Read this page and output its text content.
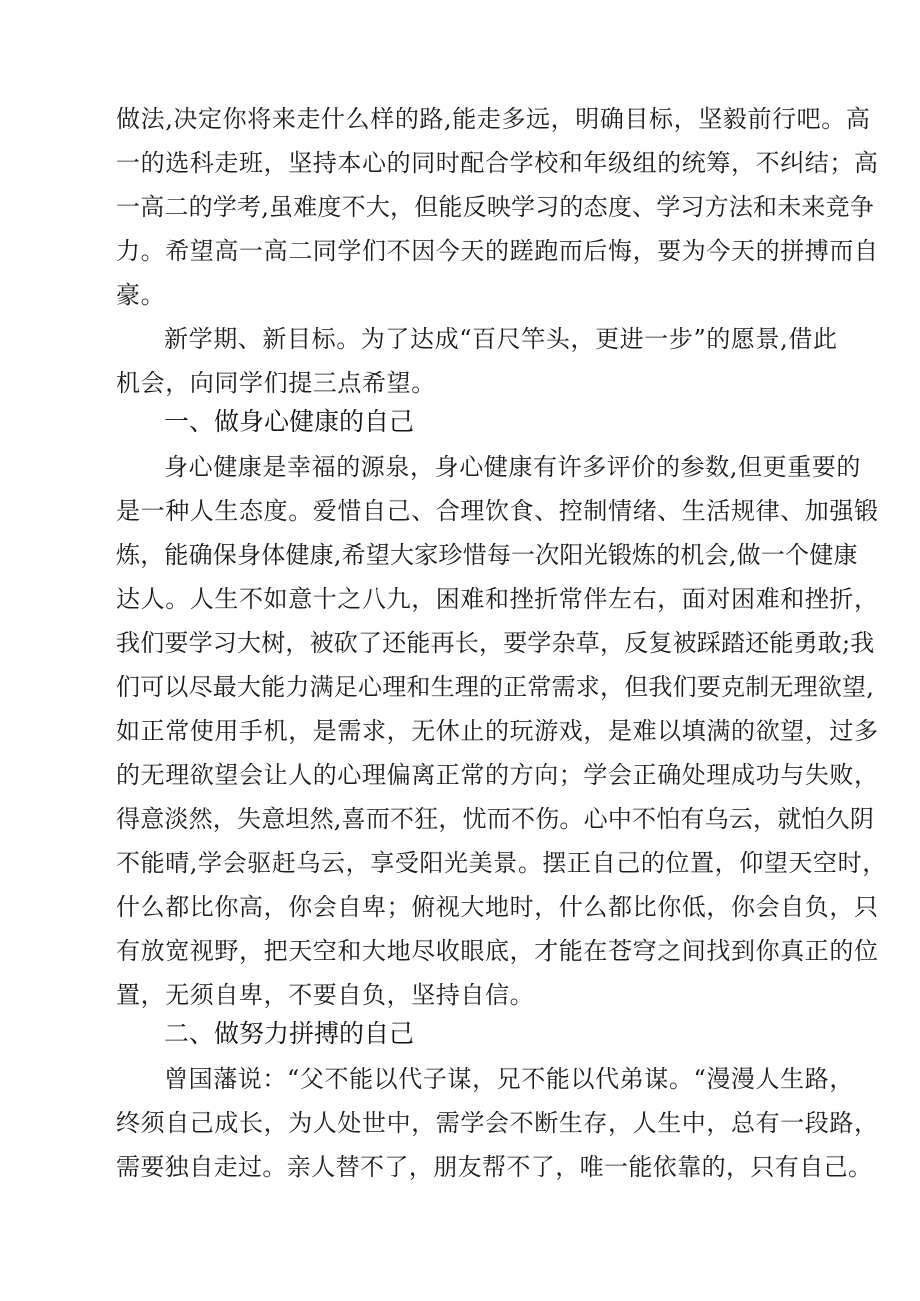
做法,决定你将来走什么样的路,能走多远，明确目标，坚毅前行吧。高
一的选科走班，坚持本心的同时配合学校和年级组的统筹，不纠结；高
一高二的学考,虽难度不大，但能反映学习的态度、学习方法和未来竞争
力。希望高一高二同学们不因今天的蹉跑而后悔，要为今天的拼搏而自
豪。
新学期、新目标。为了达成“百尺竿头，更进一步”的愿景,借此
机会，向同学们提三点希望。
一、做身心健康的自己
身心健康是幸福的源泉，身心健康有许多评价的参数,但更重要的
是一种人生态度。爱惜自己、合理饮食、控制情绪、生活规律、加强锻
炼，能确保身体健康,希望大家珍惜每一次阳光锻炼的机会,做一个健康
达人。人生不如意十之八九，困难和挫折常伴左右，面对困难和挫折，
我们要学习大树，被砍了还能再长，要学杂草，反复被踩踏还能勇敢;我
们可以尽最大能力满足心理和生理的正常需求，但我们要克制无理欲望,
如正常使用手机，是需求，无休止的玩游戏，是难以填满的欲望，过多
的无理欲望会让人的心理偏离正常的方向；学会正确处理成功与失败，
得意淡然，失意坦然,喜而不狂，忧而不伤。心中不怕有乌云，就怕久阴
不能晴,学会驱赶乌云，享受阳光美景。摆正自己的位置，仰望天空时，
什么都比你高，你会自卑；俯视大地时，什么都比你低，你会自负，只
有放宽视野，把天空和大地尽收眼底，才能在苍穹之间找到你真正的位
置，无须自卑，不要自负，坚持自信。
二、做努力拼搏的自己
曾国藩说：“父不能以代子谋，兄不能以代弟谋。“漫漫人生路，
终须自己成长，为人处世中，需学会不断生存，人生中，总有一段路，
需要独自走过。亲人替不了，朋友帮不了，唯一能依靠的，只有自己。
